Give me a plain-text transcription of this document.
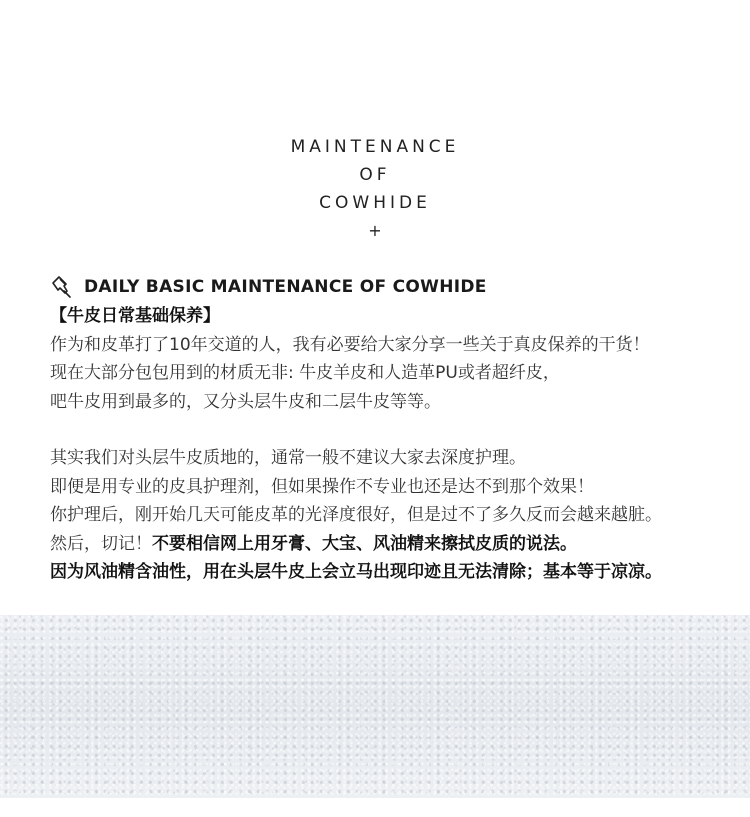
MAINTENANCE
OF
COWHIDE
+
DAILY BASIC MAINTENANCE OF COWHIDE
【牛皮日常基础保养】
作为和皮革打了10年交道的人，我有必要给大家分享一些关于真皮保养的干货！
现在大部分包包用到的材质无非: 牛皮羊皮和人造革PU或者超纤皮，
吧牛皮用到最多的，又分头层牛皮和二层牛皮等等。
其实我们对头层牛皮质地的，通常一般不建议大家去深度护理。
即便是用专业的皮具护理剂，但如果操作不专业也还是达不到那个效果！
你护理后，刚开始几天可能皮革的光泽度很好，但是过不了多久反而会越来越脏。
然后，切记！不要相信网上用牙膏、大宝、风油精来擦拭皮质的说法。
因为风油精含油性，用在头层牛皮上会立马出现印迹且无法清除；基本等于凉凉。
